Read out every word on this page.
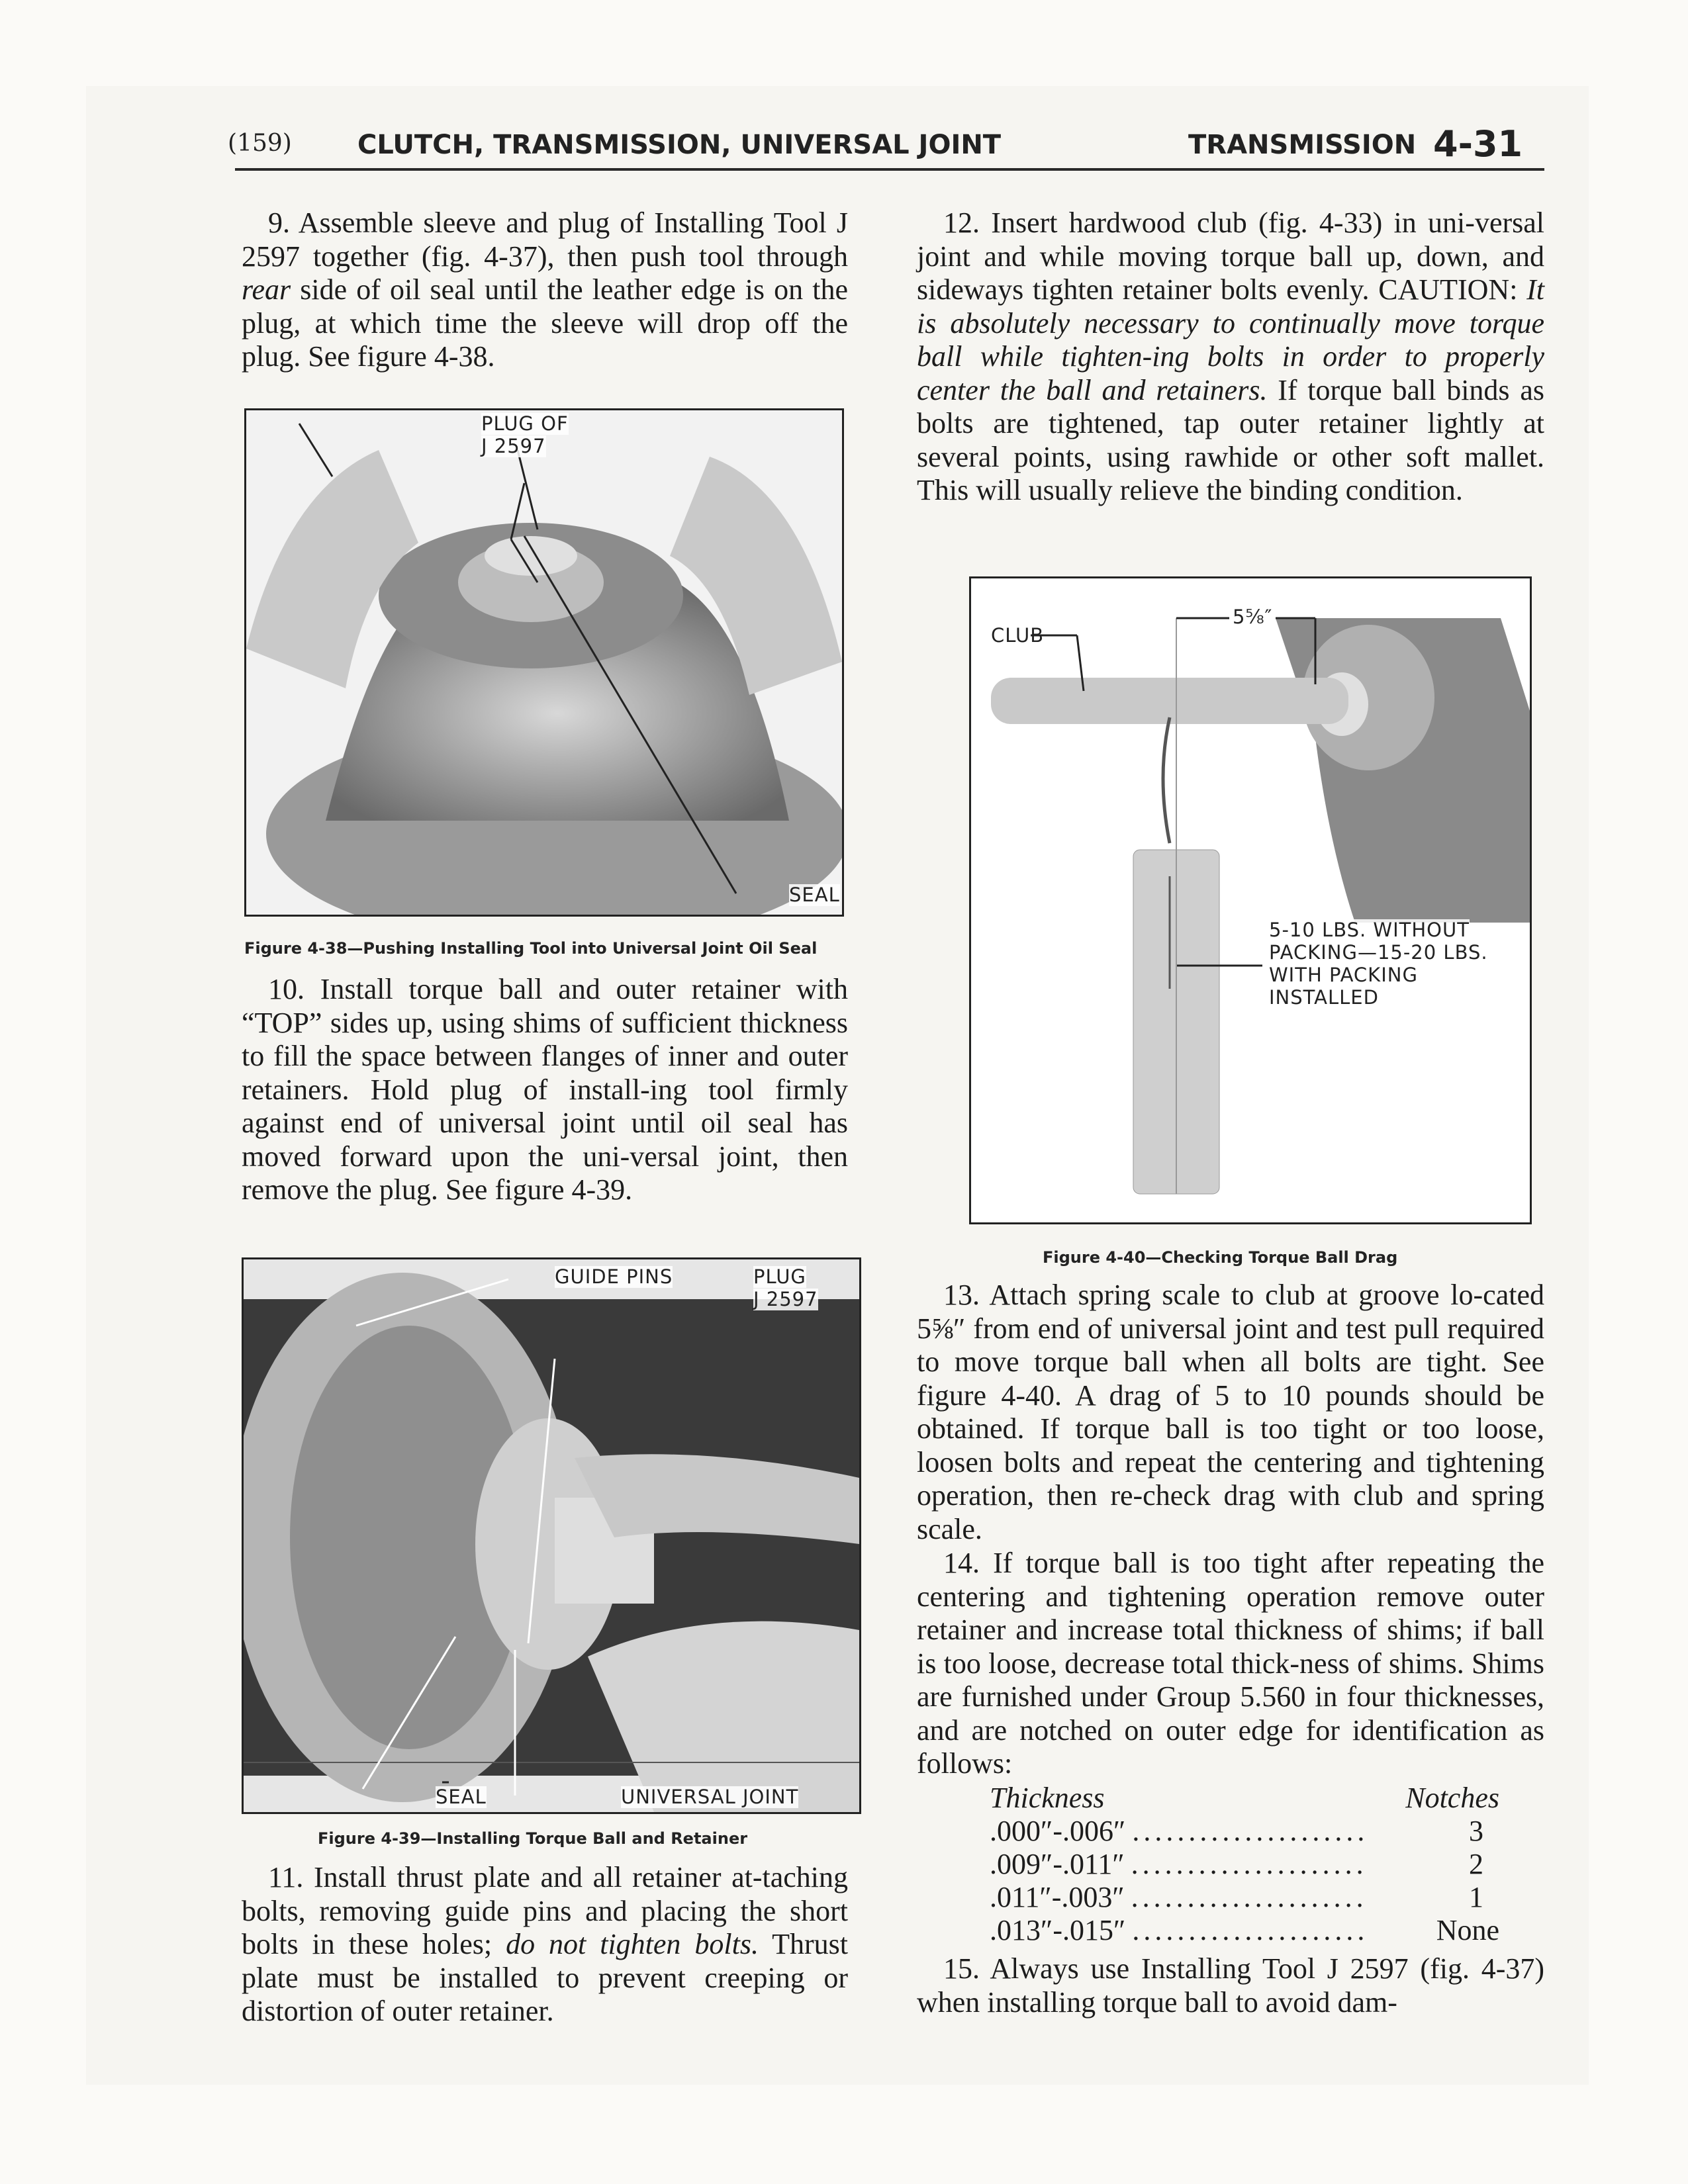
(159) CLUTCH, TRANSMISSION, UNIVERSAL JOINT	TRANSMISSION 4-31

9. Assemble sleeve and plug of Installing Tool J 2597 together (fig. 4-37), then push tool through rear side of oil seal until the leather edge is on the plug, at which time the sleeve will drop off the plug. See figure 4-38.

PLUG OF
J 2597
SEAL
Figure 4-38—Pushing Installing Tool into Universal Joint Oil Seal

10. Install torque ball and outer retainer with “TOP” sides up, using shims of sufficient thickness to fill the space between flanges of inner and outer retainers. Hold plug of install-ing tool firmly against end of universal joint until oil seal has moved forward upon the uni-versal joint, then remove the plug. See figure 4-39.

GUIDE PINS	PLUG
J 2597
SEAL	UNIVERSAL JOINT
Figure 4-39—Installing Torque Ball and Retainer

11. Install thrust plate and all retainer at-taching bolts, removing guide pins and placing the short bolts in these holes; do not tighten bolts. Thrust plate must be installed to prevent creeping or distortion of outer retainer.

12. Insert hardwood club (fig. 4-33) in uni-versal joint and while moving torque ball up, down, and sideways tighten retainer bolts evenly. CAUTION: It is absolutely necessary to continually move torque ball while tighten-ing bolts in order to properly center the ball and retainers. If torque ball binds as bolts are tightened, tap outer retainer lightly at several points, using rawhide or other soft mallet. This will usually relieve the binding condition.

CLUB
5⅝″
5-10 LBS. WITHOUT
PACKING—15-20 LBS.
WITH PACKING
INSTALLED
Figure 4-40—Checking Torque Ball Drag

13. Attach spring scale to club at groove lo-cated 5⅝″ from end of universal joint and test pull required to move torque ball when all bolts are tight. See figure 4-40. A drag of 5 to 10 pounds should be obtained. If torque ball is too tight or too loose, loosen bolts and repeat the centering and tightening operation, then re-check drag with club and spring scale.

14. If torque ball is too tight after repeating the centering and tightening operation remove outer retainer and increase total thickness of shims; if ball is too loose, decrease total thick-ness of shims. Shims are furnished under Group 5.560 in four thicknesses, and are notched on outer edge for identification as follows:

Thickness	Notches
.000″-.006″ .....................	3
.009″-.011″ .....................	2
.011″-.003″ .....................	1
.013″-.015″ .....................	None

15. Always use Installing Tool J 2597 (fig. 4-37) when installing torque ball to avoid dam-
